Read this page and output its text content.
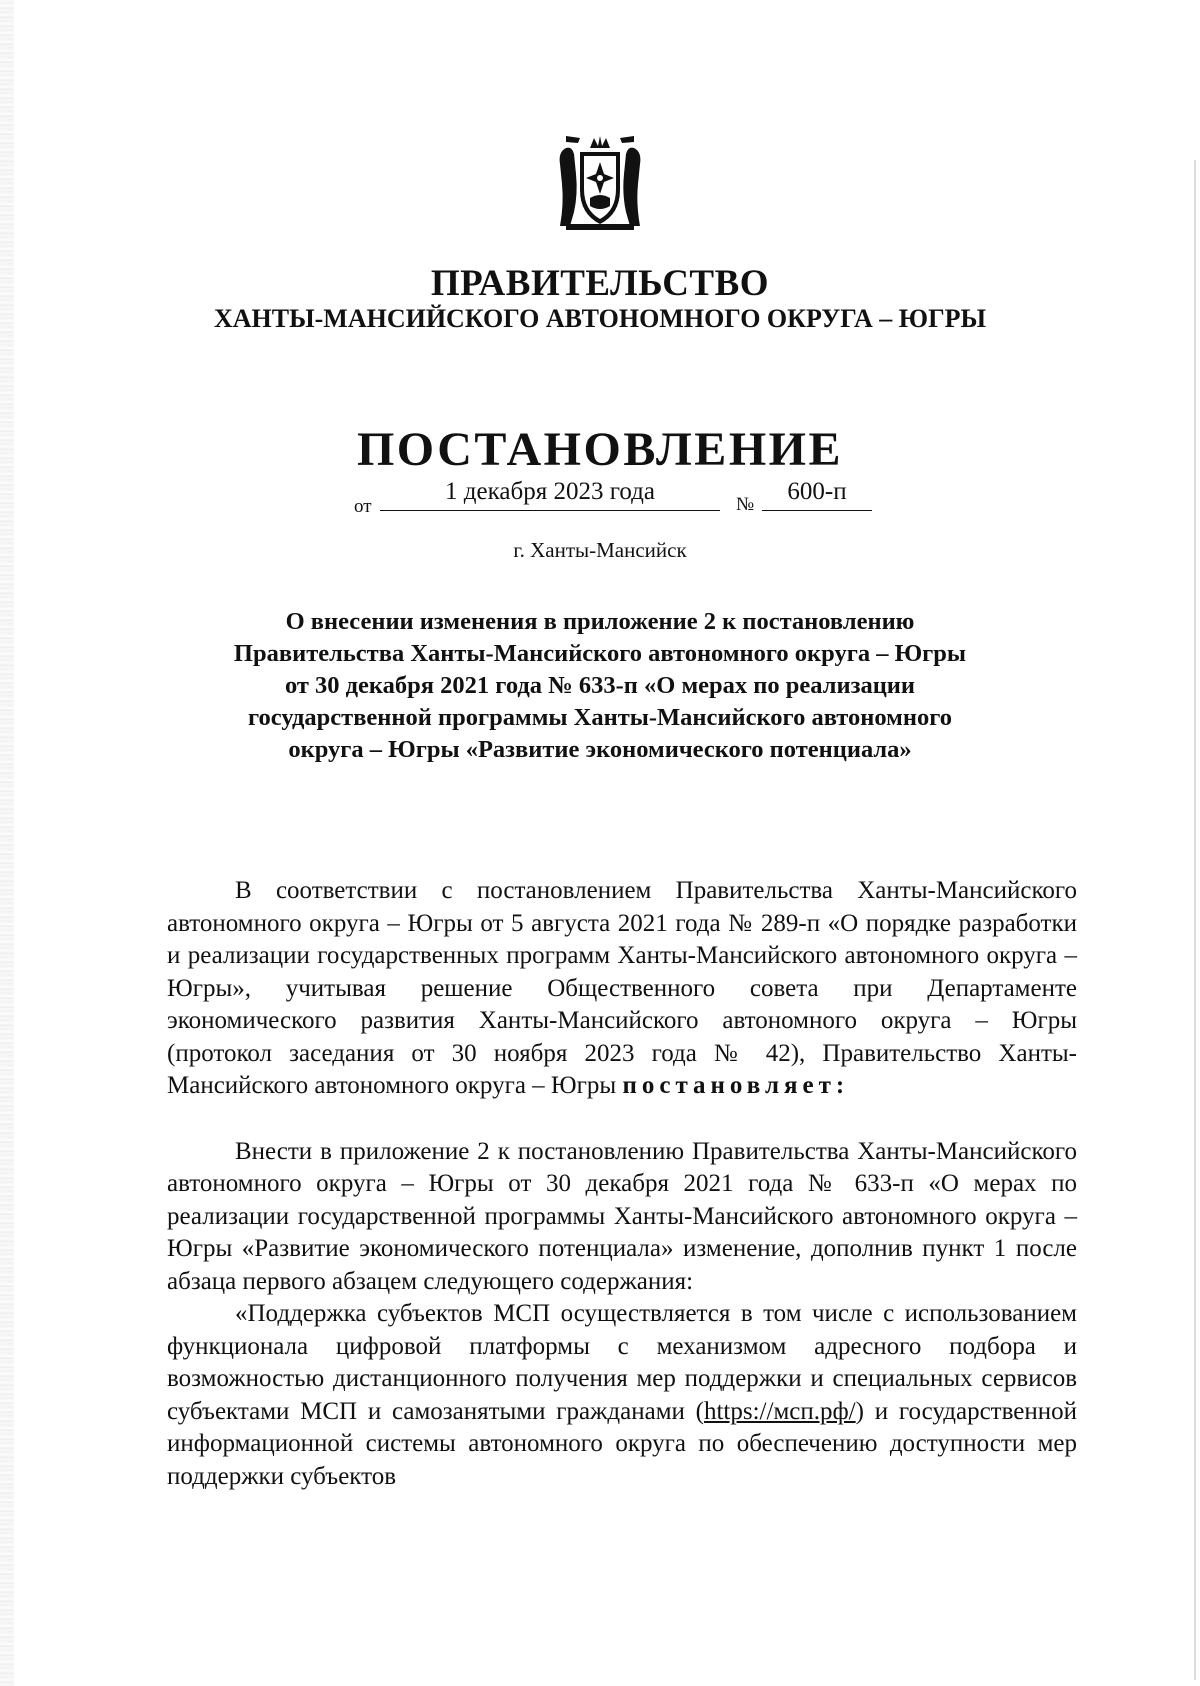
ПРАВИТЕЛЬСТВО
ХАНТЫ-МАНСИЙСКОГО АВТОНОМНОГО ОКРУГА – ЮГРЫ
ПОСТАНОВЛЕНИЕ
от
1 декабря 2023 года	№	600-п
г. Ханты-Мансийск
О внесении изменения в приложение 2 к постановлению
Правительства Ханты-Мансийского автономного округа – Югры
от 30 декабря 2021 года № 633-п «О мерах по реализации
государственной программы Ханты-Мансийского автономного
округа – Югры «Развитие экономического потенциала»

В соответствии с постановлением Правительства Ханты-Мансийского автономного округа – Югры от 5 августа 2021 года № 289-п «О порядке разработки и реализации государственных программ Ханты-Мансийского автономного округа – Югры», учитывая решение Общественного совета при Департаменте экономического развития Ханты-Мансийского автономного округа – Югры (протокол заседания от 30 ноября 2023 года № 42), Правительство Ханты-Мансийского автономного округа – Югры постановляет:

Внести в приложение 2 к постановлению Правительства Ханты-Мансийского автономного округа – Югры от 30 декабря 2021 года № 633-п «О мерах по реализации государственной программы Ханты-Мансийского автономного округа – Югры «Развитие экономического потенциала» изменение, дополнив пункт 1 после абзаца первого абзацем следующего содержания:

«Поддержка субъектов МСП осуществляется в том числе с использованием функционала цифровой платформы с механизмом адресного подбора и возможностью дистанционного получения мер поддержки и специальных сервисов субъектами МСП и самозанятыми гражданами (https://мсп.рф/) и государственной информационной системы автономного округа по обеспечению доступности мер поддержки субъектов
